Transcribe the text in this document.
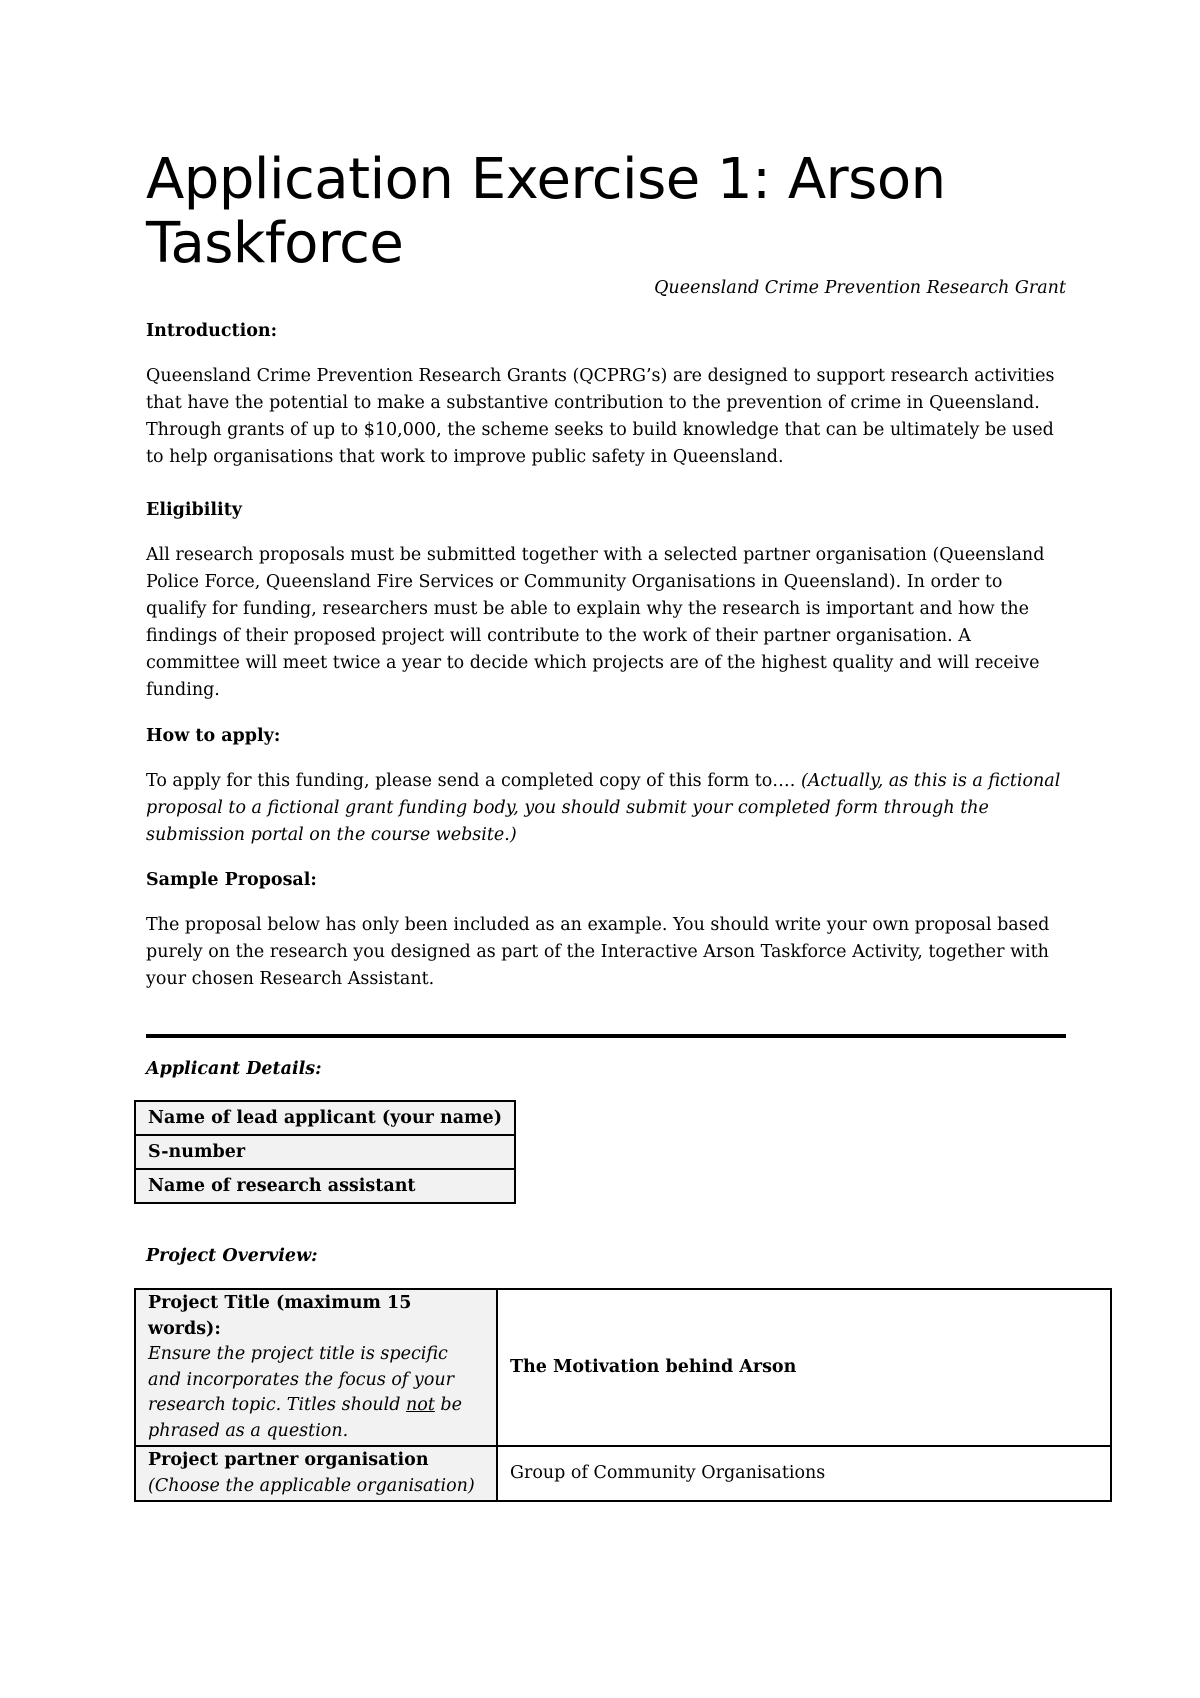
Application Exercise 1: Arson Taskforce

Queensland Crime Prevention Research Grant

Introduction:

Queensland Crime Prevention Research Grants (QCPRG’s) are designed to support research activities that have the potential to make a substantive contribution to the prevention of crime in Queensland. Through grants of up to $10,000, the scheme seeks to build knowledge that can be ultimately be used to help organisations that work to improve public safety in Queensland.

Eligibility

All research proposals must be submitted together with a selected partner organisation (Queensland Police Force, Queensland Fire Services or Community Organisations in Queensland). In order to qualify for funding, researchers must be able to explain why the research is important and how the findings of their proposed project will contribute to the work of their partner organisation. A committee will meet twice a year to decide which projects are of the highest quality and will receive funding.

How to apply:

To apply for this funding, please send a completed copy of this form to…. (Actually, as this is a fictional proposal to a fictional grant funding body, you should submit your completed form through the submission portal on the course website.)

Sample Proposal:

The proposal below has only been included as an example. You should write your own proposal based purely on the research you designed as part of the Interactive Arson Taskforce Activity, together with your chosen Research Assistant.

Applicant Details:

Name of lead applicant (your name)
S-number
Name of research assistant

Project Overview:

Project Title (maximum 15 words):
Ensure the project title is specific and incorporates the focus of your research topic. Titles should not be phrased as a question.	The Motivation behind Arson

Project partner organisation
(Choose the applicable organisation)	Group of Community Organisations
